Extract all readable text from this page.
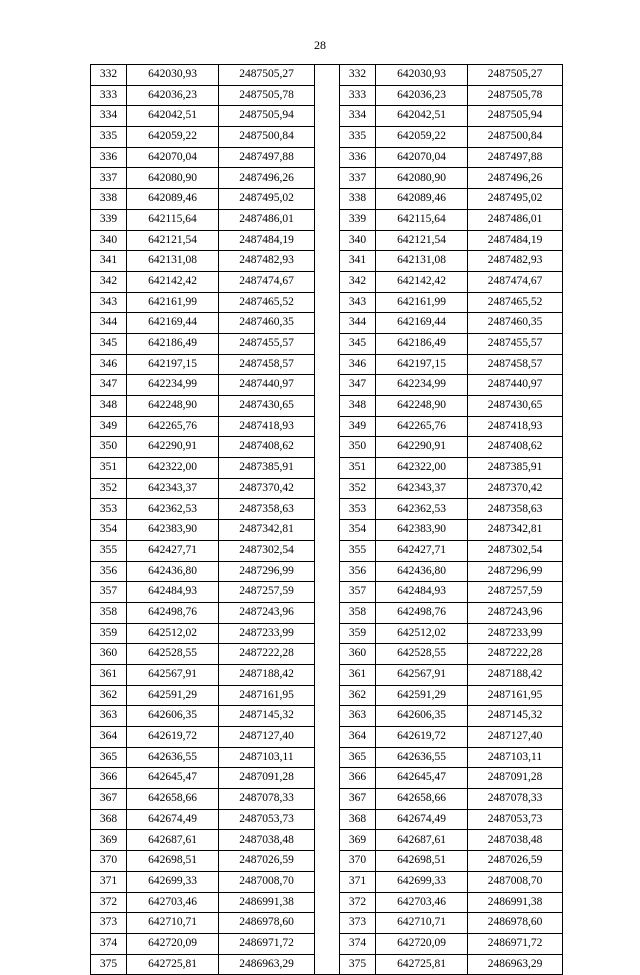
28
332	642030,93	2487505,27		332	642030,93	2487505,27
333	642036,23	2487505,78		333	642036,23	2487505,78
334	642042,51	2487505,94		334	642042,51	2487505,94
335	642059,22	2487500,84		335	642059,22	2487500,84
336	642070,04	2487497,88		336	642070,04	2487497,88
337	642080,90	2487496,26		337	642080,90	2487496,26
338	642089,46	2487495,02		338	642089,46	2487495,02
339	642115,64	2487486,01		339	642115,64	2487486,01
340	642121,54	2487484,19		340	642121,54	2487484,19
341	642131,08	2487482,93		341	642131,08	2487482,93
342	642142,42	2487474,67		342	642142,42	2487474,67
343	642161,99	2487465,52		343	642161,99	2487465,52
344	642169,44	2487460,35		344	642169,44	2487460,35
345	642186,49	2487455,57		345	642186,49	2487455,57
346	642197,15	2487458,57		346	642197,15	2487458,57
347	642234,99	2487440,97		347	642234,99	2487440,97
348	642248,90	2487430,65		348	642248,90	2487430,65
349	642265,76	2487418,93		349	642265,76	2487418,93
350	642290,91	2487408,62		350	642290,91	2487408,62
351	642322,00	2487385,91		351	642322,00	2487385,91
352	642343,37	2487370,42		352	642343,37	2487370,42
353	642362,53	2487358,63		353	642362,53	2487358,63
354	642383,90	2487342,81		354	642383,90	2487342,81
355	642427,71	2487302,54		355	642427,71	2487302,54
356	642436,80	2487296,99		356	642436,80	2487296,99
357	642484,93	2487257,59		357	642484,93	2487257,59
358	642498,76	2487243,96		358	642498,76	2487243,96
359	642512,02	2487233,99		359	642512,02	2487233,99
360	642528,55	2487222,28		360	642528,55	2487222,28
361	642567,91	2487188,42		361	642567,91	2487188,42
362	642591,29	2487161,95		362	642591,29	2487161,95
363	642606,35	2487145,32		363	642606,35	2487145,32
364	642619,72	2487127,40		364	642619,72	2487127,40
365	642636,55	2487103,11		365	642636,55	2487103,11
366	642645,47	2487091,28		366	642645,47	2487091,28
367	642658,66	2487078,33		367	642658,66	2487078,33
368	642674,49	2487053,73		368	642674,49	2487053,73
369	642687,61	2487038,48		369	642687,61	2487038,48
370	642698,51	2487026,59		370	642698,51	2487026,59
371	642699,33	2487008,70		371	642699,33	2487008,70
372	642703,46	2486991,38		372	642703,46	2486991,38
373	642710,71	2486978,60		373	642710,71	2486978,60
374	642720,09	2486971,72		374	642720,09	2486971,72
375	642725,81	2486963,29		375	642725,81	2486963,29
